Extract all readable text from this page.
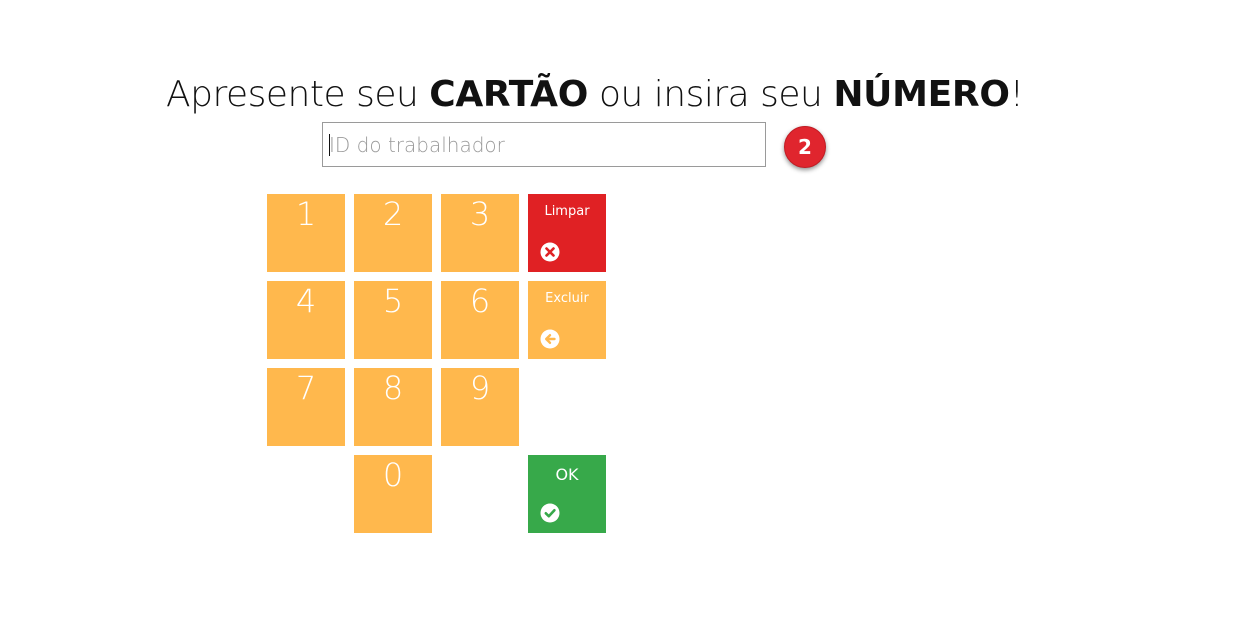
Apresente seu CARTÃO ou insira seu NÚMERO!
ID do trabalhador
2
1	2	3
4	5	6
7	8	9
0
Limpar
Excluir
OK
